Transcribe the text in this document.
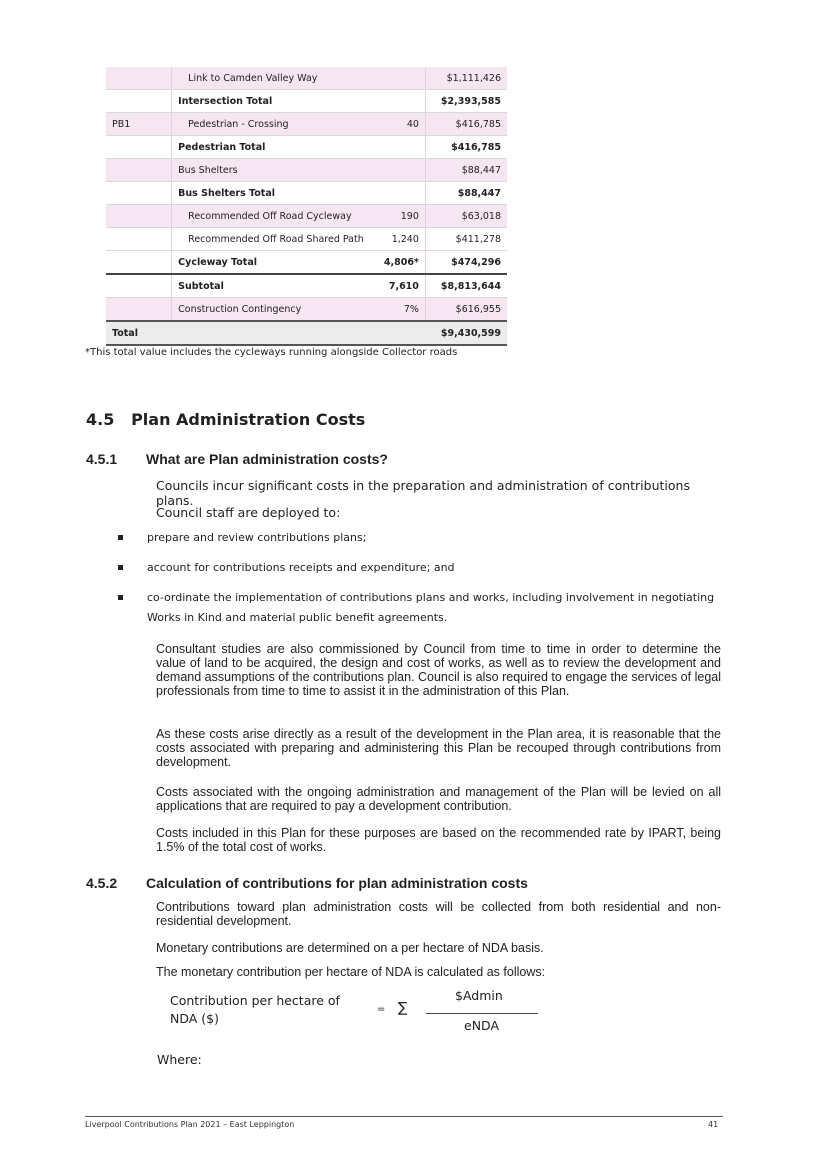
	Link to Camden Valley Way		$1,111,426
	Intersection Total		$2,393,585
PB1	Pedestrian - Crossing	40	$416,785
	Pedestrian Total		$416,785
	Bus Shelters		$88,447
	Bus Shelters Total		$88,447
	Recommended Off Road Cycleway	190	$63,018
	Recommended Off Road Shared Path	1,240	$411,278
	Cycleway Total	4,806*	$474,296
	Subtotal	7,610	$8,813,644
	Construction Contingency	7%	$616,955
Total			$9,430,599
*This total value includes the cycleways running alongside Collector roads
4.5 Plan Administration Costs
4.5.1 What are Plan administration costs?

Councils incur significant costs in the preparation and administration of contributions plans.

Council staff are deployed to:

prepare and review contributions plans;
account for contributions receipts and expenditure; and
co-ordinate the implementation of contributions plans and works, including involvement in negotiating Works in Kind and material public benefit agreements.

Consultant studies are also commissioned by Council from time to time in order to determine the value of land to be acquired, the design and cost of works, as well as to review the development and demand assumptions of the contributions plan. Council is also required to engage the services of legal professionals from time to time to assist it in the administration of this Plan.

As these costs arise directly as a result of the development in the Plan area, it is reasonable that the costs associated with preparing and administering this Plan be recouped through contributions from development.

Costs associated with the ongoing administration and management of the Plan will be levied on all applications that are required to pay a development contribution.

Costs included in this Plan for these purposes are based on the recommended rate by IPART, being 1.5% of the total cost of works.

4.5.2 Calculation of contributions for plan administration costs

Contributions toward plan administration costs will be collected from both residential and non-residential development.

Monetary contributions are determined on a per hectare of NDA basis.

The monetary contribution per hectare of NDA is calculated as follows:

Contribution per hectare of
NDA ($)
= ∑
$Admin
eNDA
Where:
Liverpool Contributions Plan 2021 – East Leppington	41
